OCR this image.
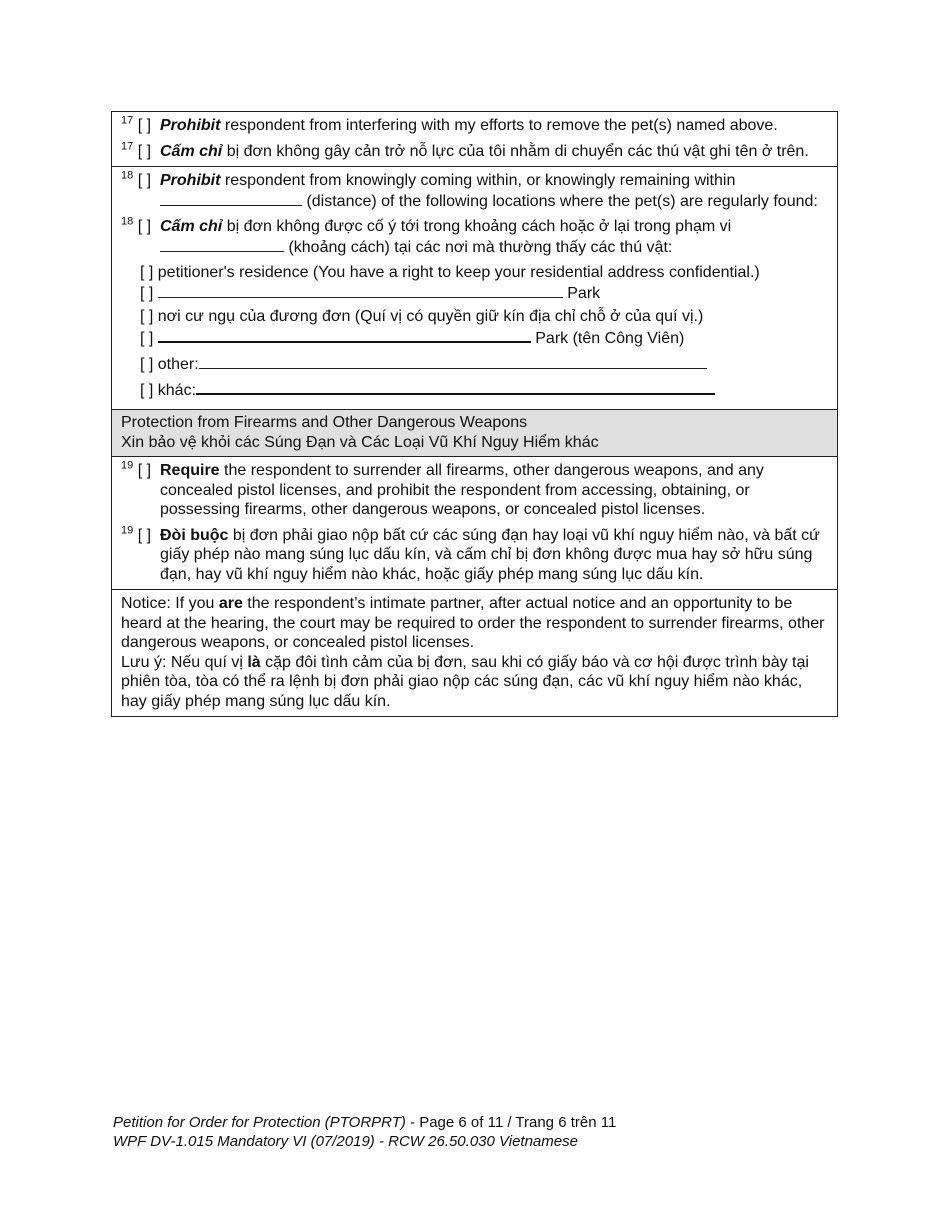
$^{17}$ [ ] Prohibit respondent from interfering with my efforts to remove the pet(s) named above.
$^{17}$ [ ] Cấm chỉ bị đơn không gây cản trở nỗ lực của tôi nhằm di chuyển các thú vật ghi tên ở trên.
$^{18}$ [ ] Prohibit respondent from knowingly coming within, or knowingly remaining within  (distance) of the following locations where the pet(s) are regularly found:
$^{18}$ [ ] Cấm chỉ bị đơn không được cố ý tới trong khoảng cách hoặc ở lại trong phạm vi  (khoảng cách) tại các nơi mà thường thấy các thú vật:
[ ] petitioner's residence (You have a right to keep your residential address confidential.)
[ ]	Park
[ ] nơi cư ngụ của đương đơn (Quí vị có quyền giữ kín địa chỉ chỗ ở của quí vị.)
[ ]	Park (tên Công Viên)
[ ] other:
[ ] khác:
Protection from Firearms and Other Dangerous Weapons
Xin bảo vệ khỏi các Súng Đạn và Các Loại Vũ Khí Nguy Hiểm khác
$^{19}$ [ ] Require the respondent to surrender all firearms, other dangerous weapons, and any concealed pistol licenses, and prohibit the respondent from accessing, obtaining, or possessing firearms, other dangerous weapons, or concealed pistol licenses.
$^{19}$ [ ] Đòi buộc bị đơn phải giao nộp bất cứ các súng đạn hay loại vũ khí nguy hiểm nào, và bất cứ giấy phép nào mang súng lục dấu kín, và cấm chỉ bị đơn không được mua hay sở hữu súng đạn, hay vũ khí nguy hiểm nào khác, hoặc giấy phép mang súng lục dấu kín.
Notice: If you are the respondent’s intimate partner, after actual notice and an opportunity to be heard at the hearing, the court may be required to order the respondent to surrender firearms, other dangerous weapons, or concealed pistol licenses.
Lưu ý: Nếu quí vị là cặp đôi tình cảm của bị đơn, sau khi có giấy báo và cơ hội được trình bày tại phiên tòa, tòa có thể ra lệnh bị đơn phải giao nộp các súng đạn, các vũ khí nguy hiểm nào khác, hay giấy phép mang súng lục dấu kín.
Petition for Order for Protection (PTORPRT) - Page 6 of 11 / Trang 6 trên 11
WPF DV-1.015 Mandatory VI (07/2019) - RCW 26.50.030 Vietnamese
